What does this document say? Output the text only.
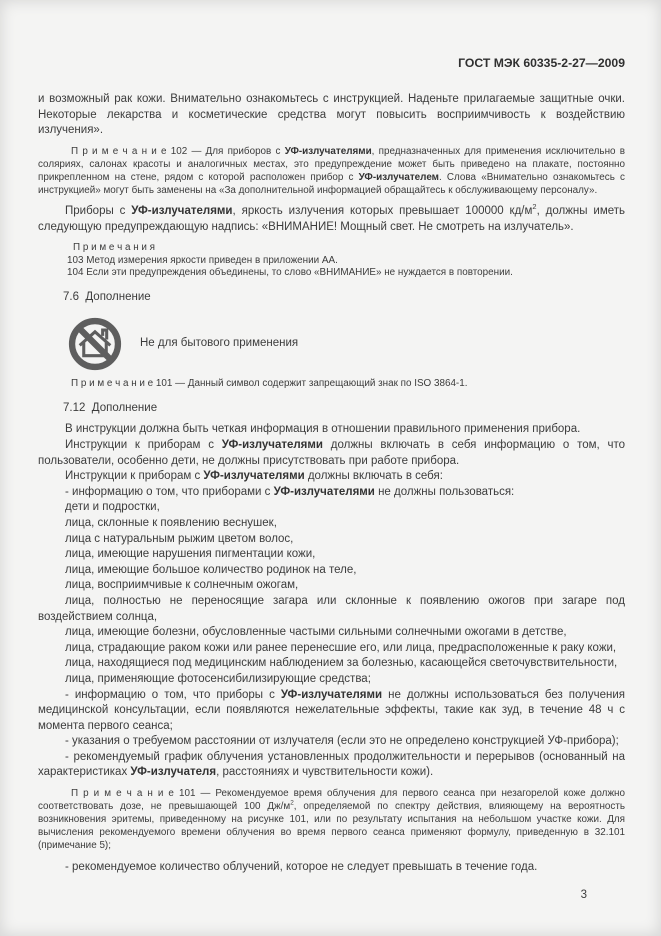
ГОСТ МЭК 60335-2-27—2009
и возможный рак кожи. Внимательно ознакомьтесь с инструкцией. Наденьте прилагаемые защитные очки. Некоторые лекарства и косметические средства могут повысить восприимчивость к воздействию излучения».
П р и м е ч а н и е 102 — Для приборов с УФ-излучателями, предназначенных для применения исключительно в соляриях, салонах красоты и аналогичных местах, это предупреждение может быть приведено на плакате, постоянно прикрепленном на стене, рядом с которой расположен прибор с УФ-излучателем. Слова «Внимательно ознакомьтесь с инструкцией» могут быть заменены на «За дополнительной информацией обращайтесь к обслуживающему персоналу».
Приборы с УФ-излучателями, яркость излучения которых превышает 100000 $кд/м^2$, должны иметь следующую предупреждающую надпись: «ВНИМАНИЕ! Мощный свет. Не смотреть на излучатель».
П р и м е ч а н и я
103 Метод измерения яркости приведен в приложении АА.
104 Если эти предупреждения объединены, то слово «ВНИМАНИЕ» не нуждается в повторении.
7.6  Дополнение
Не для бытового применения
П р и м е ч а н и е 101 — Данный символ содержит запрещающий знак по ISO 3864-1.
7.12  Дополнение
В инструкции должна быть четкая информация в отношении правильного применения прибора.
Инструкции к приборам с УФ-излучателями должны включать в себя информацию о том, что пользователи, особенно дети, не должны присутствовать при работе прибора.
Инструкции к приборам с УФ-излучателями должны включать в себя:
- информацию о том, что приборами с УФ-излучателями не должны пользоваться:
дети и подростки,
лица, склонные к появлению веснушек,
лица с натуральным рыжим цветом волос,
лица, имеющие нарушения пигментации кожи,
лица, имеющие большое количество родинок на теле,
лица, восприимчивые к солнечным ожогам,
лица, полностью не переносящие загара или склонные к появлению ожогов при загаре под воздействием солнца,
лица, имеющие болезни, обусловленные частыми сильными солнечными ожогами в детстве,
лица, страдающие раком кожи или ранее перенесшие его, или лица, предрасположенные к раку кожи,
лица, находящиеся под медицинским наблюдением за болезнью, касающейся светочувствительности,
лица, применяющие фотосенсибилизирующие средства;
- информацию о том, что приборы с УФ-излучателями не должны использоваться без получения медицинской консультации, если появляются нежелательные эффекты, такие как зуд, в течение 48 ч с момента первого сеанса;
- указания о требуемом расстоянии от излучателя (если это не определено конструкцией УФ-прибора);
- рекомендуемый график облучения установленных продолжительности и перерывов (основанный на характеристиках УФ-излучателя, расстояниях и чувствительности кожи).
П р и м е ч а н и е 101 — Рекомендуемое время облучения для первого сеанса при незагорелой коже должно соответствовать дозе, не превышающей 100 $Дж/м^2$, определяемой по спектру действия, влияющему на вероятность возникновения эритемы, приведенному на рисунке 101, или по результату испытания на небольшом участке кожи. Для вычисления рекомендуемого времени облучения во время первого сеанса применяют формулу, приведенную в 32.101 (примечание 5);
- рекомендуемое количество облучений, которое не следует превышать в течение года.
3
